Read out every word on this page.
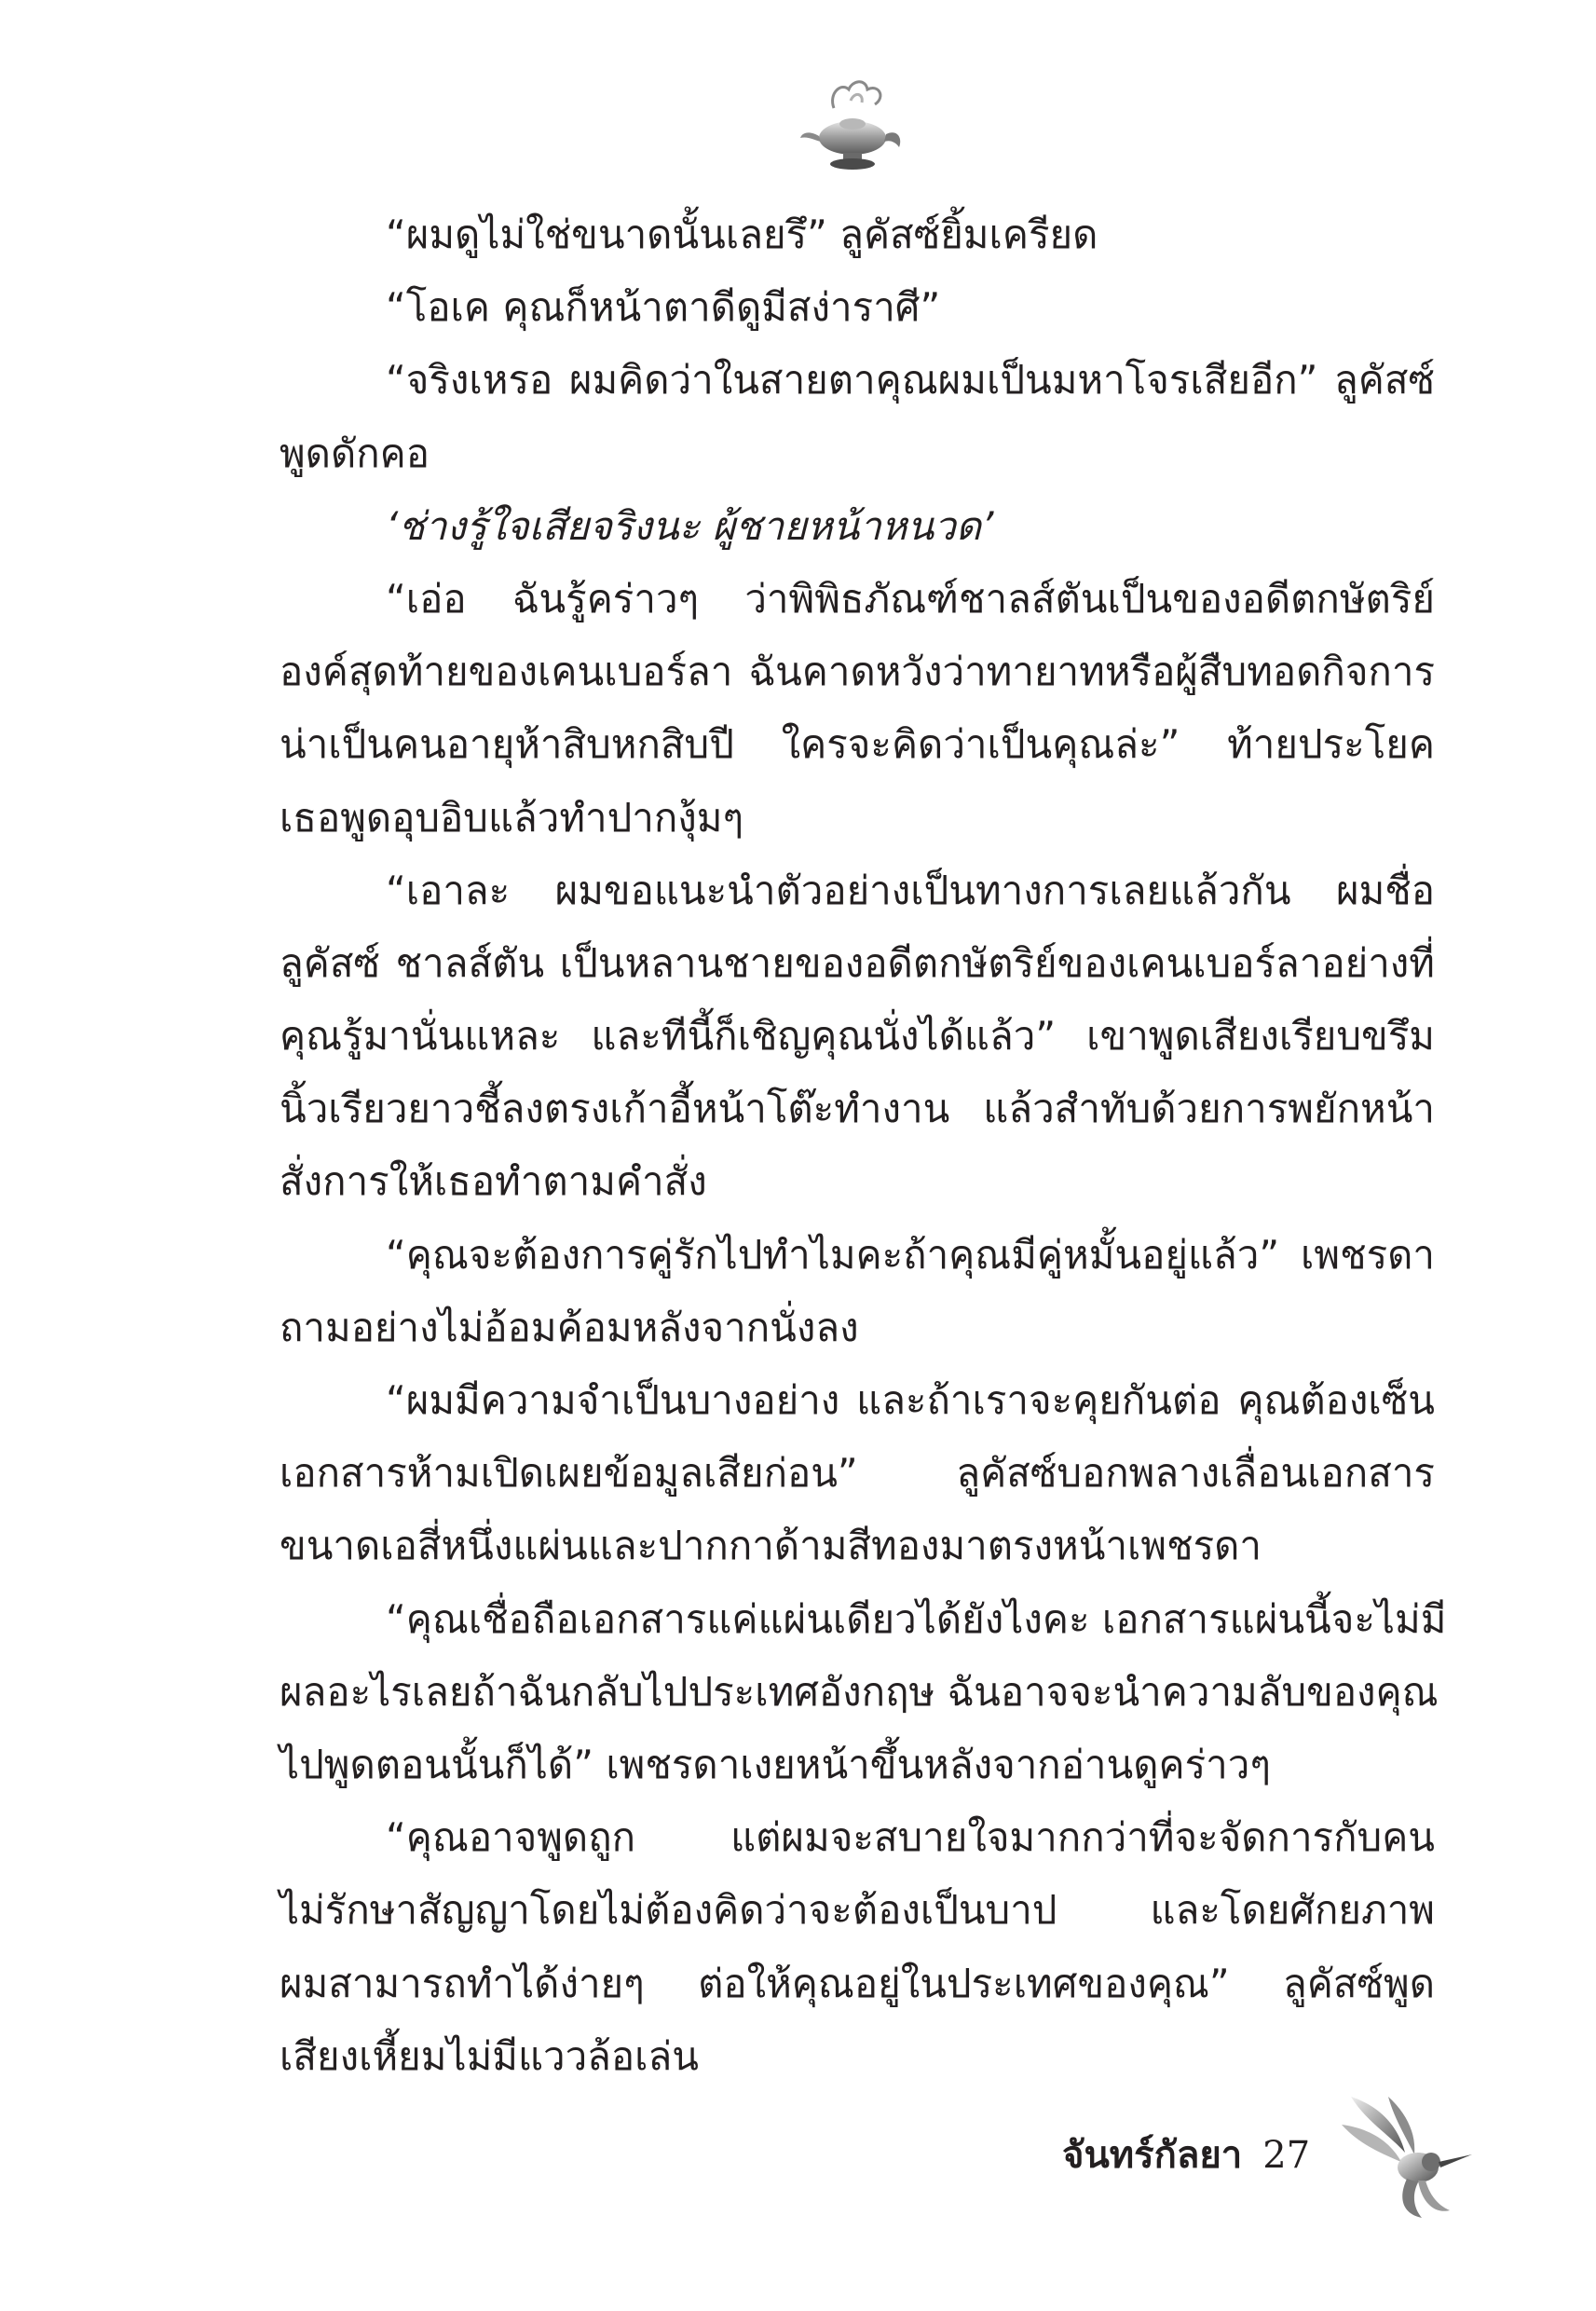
“ผมดูไม่ใช่ขนาดนั้นเลยรึ” ลูคัสซ์ยิ้มเครียด
“โอเค คุณก็หน้าตาดีดูมีสง่าราศี”
“จริงเหรอ ผมคิดว่าในสายตาคุณผมเป็นมหาโจรเสียอีก” ลูคัสซ์
พูดดักคอ
‘ช่างรู้ใจเสียจริงนะ ผู้ชายหน้าหนวด’
“เอ่อ ฉันรู้คร่าวๆ ว่าพิพิธภัณฑ์ชาลส์ตันเป็นของอดีตกษัตริย์
องค์สุดท้ายของเคนเบอร์ลา ฉันคาดหวังว่าทายาทหรือผู้สืบทอดกิจการ
น่าเป็นคนอายุห้าสิบหกสิบปี ใครจะคิดว่าเป็นคุณล่ะ” ท้ายประโยค
เธอพูดอุบอิบแล้วทำปากงุ้มๆ
“เอาละ ผมขอแนะนำตัวอย่างเป็นทางการเลยแล้วกัน ผมชื่อ
ลูคัสซ์ ชาลส์ตัน เป็นหลานชายของอดีตกษัตริย์ของเคนเบอร์ลาอย่างที่
คุณรู้มานั่นแหละ และทีนี้ก็เชิญคุณนั่งได้แล้ว” เขาพูดเสียงเรียบขรึม
นิ้วเรียวยาวชี้ลงตรงเก้าอี้หน้าโต๊ะทำงาน แล้วสำทับด้วยการพยักหน้า
สั่งการให้เธอทำตามคำสั่ง
“คุณจะต้องการคู่รักไปทำไมคะถ้าคุณมีคู่หมั้นอยู่แล้ว” เพชรดา
ถามอย่างไม่อ้อมค้อมหลังจากนั่งลง
“ผมมีความจำเป็นบางอย่าง และถ้าเราจะคุยกันต่อ คุณต้องเซ็น
เอกสารห้ามเปิดเผยข้อมูลเสียก่อน” ลูคัสซ์บอกพลางเลื่อนเอกสาร
ขนาดเอสี่หนึ่งแผ่นและปากกาด้ามสีทองมาตรงหน้าเพชรดา
“คุณเชื่อถือเอกสารแค่แผ่นเดียวได้ยังไงคะ เอกสารแผ่นนี้จะไม่มี
ผลอะไรเลยถ้าฉันกลับไปประเทศอังกฤษ ฉันอาจจะนำความลับของคุณ
ไปพูดตอนนั้นก็ได้” เพชรดาเงยหน้าขึ้นหลังจากอ่านดูคร่าวๆ
“คุณอาจพูดถูก แต่ผมจะสบายใจมากกว่าที่จะจัดการกับคน
ไม่รักษาสัญญาโดยไม่ต้องคิดว่าจะต้องเป็นบาป และโดยศักยภาพ
ผมสามารถทำได้ง่ายๆ ต่อให้คุณอยู่ในประเทศของคุณ” ลูคัสซ์พูด
เสียงเหี้ยมไม่มีแววล้อเล่น
จันทร์กัลยา 27
